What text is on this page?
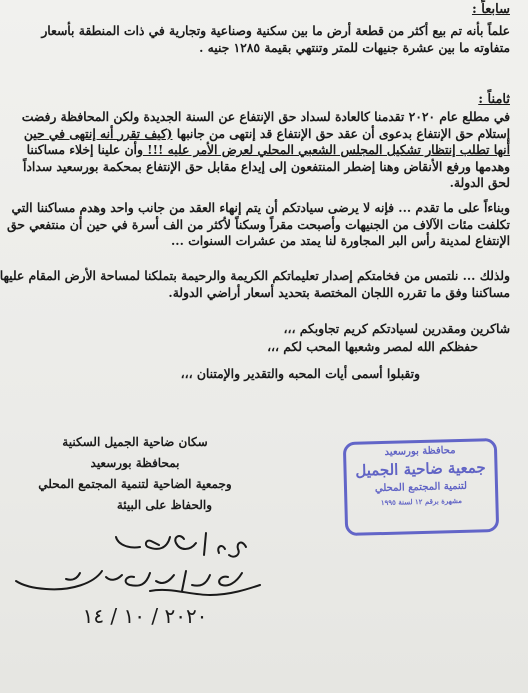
سابعاً :
علماً بأنه تم بيع أكثر من قطعة أرض ما بين سكنية وصناعية وتجارية في ذات المنطقة بأسعار
متفاوته ما بين عشرة جنيهات للمتر وتنتهي بقيمة ١٢٨٥ جنيه .
ثامناً :
في مطلع عام ٢٠٢٠ تقدمنا كالعادة لسداد حق الإنتفاع عن السنة الجديدة ولكن المحافظة رفضت
إستلام حق الإنتفاع بدعوى أن عقد حق الإنتفاع قد إنتهى من جانبها (كيف تقرر أنه إنتهى في حين
أنها تطلب إنتظار تشكيل المجلس الشعبي المحلي لعرض الأمر عليه !!! وأن علينا إخلاء مساكننا
وهدمها ورفع الأنقاض وهنا إضطر المنتفعون إلى إيداع مقابل حق الإنتفاع بمحكمة بورسعيد سداداً
لحق الدولة.
وبناءاً على ما تقدم ... فإنه لا يرضى سيادتكم أن يتم إنهاء العقد من جانب واحد وهدم مساكننا التي
تكلفت مئات الآلاف من الجنيهات وأصبحت مقراً وسكناً لأكثر من الف أسرة في حين أن منتفعي حق
الإنتفاع لمدينة رأس البر المجاورة لنا يمتد من عشرات السنوات ...
ولذلك ... نلتمس من فخامتكم إصدار تعليماتكم الكريمة والرحيمة بتملكنا لمساحة الأرض المقام عليها
مساكننا وفق ما تقرره اللجان المختصة بتحديد أسعار أراضي الدولة.
شاكرين ومقدرين لسيادتكم كريم تجاوبكم ،،،
حفظكم الله لمصر وشعبها المحب لكم ،،،
وتقبلوا أسمى أيات المحبه والتقدير والإمتنان ،،،
محافظة بورسعيد
جمعية ضاحية الجميل
لتنمية المجتمع المحلي
مشهرة برقم ١٢ لسنة ١٩٩٥
سكان ضاحية الجميل السكنية
بمحافظة بورسعيد
وجمعية الضاحية لتنمية المجتمع المحلي
والحفاظ على البيئة
٢٠٢٠ / ١٠ / ١٤
